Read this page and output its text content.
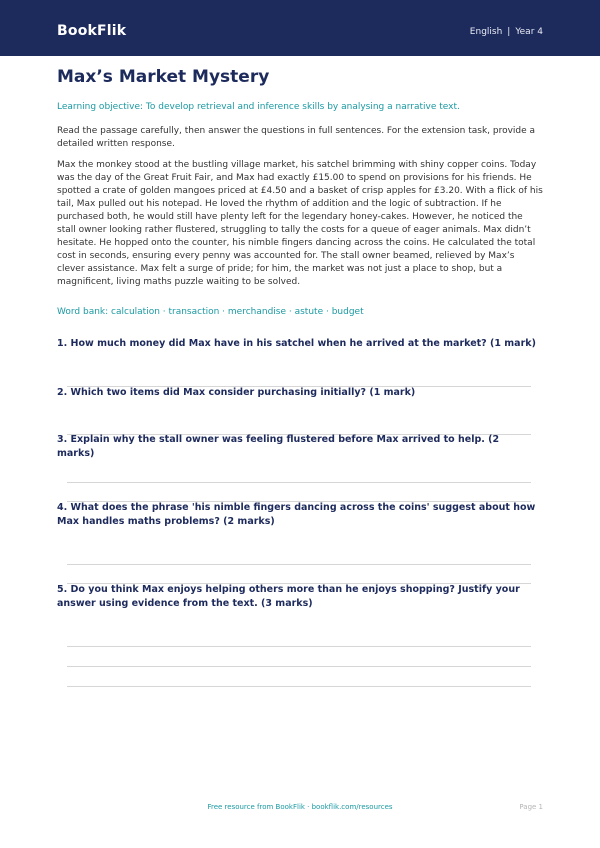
BookFlik	English | Year 4
Max’s Market Mystery

Learning objective: To develop retrieval and inference skills by analysing a narrative text.

Read the passage carefully, then answer the questions in full sentences. For the extension task, provide a detailed written response.

Max the monkey stood at the bustling village market, his satchel brimming with shiny copper coins. Today was the day of the Great Fruit Fair, and Max had exactly £15.00 to spend on provisions for his friends. He spotted a crate of golden mangoes priced at £4.50 and a basket of crisp apples for £3.20. With a flick of his tail, Max pulled out his notepad. He loved the rhythm of addition and the logic of subtraction. If he purchased both, he would still have plenty left for the legendary honey-cakes. However, he noticed the stall owner looking rather flustered, struggling to tally the costs for a queue of eager animals. Max didn’t hesitate. He hopped onto the counter, his nimble fingers dancing across the coins. He calculated the total cost in seconds, ensuring every penny was accounted for. The stall owner beamed, relieved by Max’s clever assistance. Max felt a surge of pride; for him, the market was not just a place to shop, but a magnificent, living maths puzzle waiting to be solved.

Word bank: calculation · transaction · merchandise · astute · budget

1. How much money did Max have in his satchel when he arrived at the market? (1 mark)

2. Which two items did Max consider purchasing initially? (1 mark)

3. Explain why the stall owner was feeling flustered before Max arrived to help. (2 marks)

4. What does the phrase 'his nimble fingers dancing across the coins' suggest about how Max handles maths problems? (2 marks)

5. Do you think Max enjoys helping others more than he enjoys shopping? Justify your answer using evidence from the text. (3 marks)

Free resource from BookFlik · bookflik.com/resources	Page 1
